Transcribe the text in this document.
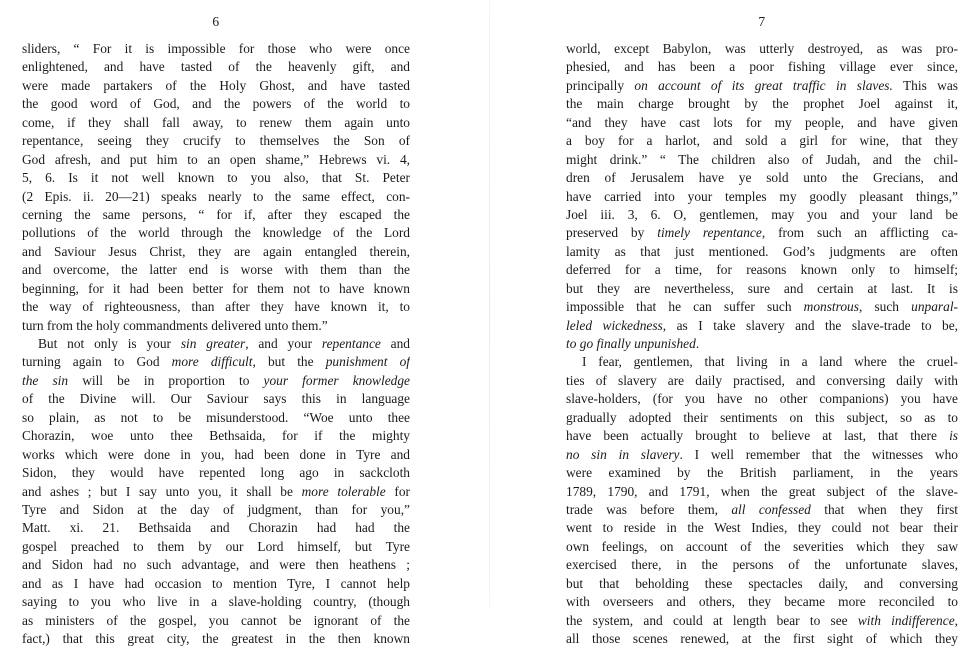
6
sliders, “ For it is impossible for those who were once
enlightened, and have tasted of the heavenly gift, and
were made partakers of the Holy Ghost, and have tasted
the good word of God, and the powers of the world to
come, if they shall fall away, to renew them again unto
repentance, seeing they crucify to themselves the Son of
God afresh, and put him to an open shame,” Hebrews vi. 4,
5, 6. Is it not well known to you also, that St. Peter
(2 Epis. ii. 20—21) speaks nearly to the same effect, con-
cerning the same persons, “ for if, after they escaped the
pollutions of the world through the knowledge of the Lord
and Saviour Jesus Christ, they are again entangled therein,
and overcome, the latter end is worse with them than the
beginning, for it had been better for them not to have known
the way of righteousness, than after they have known it, to
turn from the holy commandments delivered unto them.”
But not only is your sin greater, and your repentance and
turning again to God more difficult, but the punishment of
the sin will be in proportion to your former knowledge
of the Divine will. Our Saviour says this in language
so plain, as not to be misunderstood. “Woe unto thee
Chorazin, woe unto thee Bethsaida, for if the mighty
works which were done in you, had been done in Tyre and
Sidon, they would have repented long ago in sackcloth
and ashes ; but I say unto you, it shall be more tolerable for
Tyre and Sidon at the day of judgment, than for you,”
Matt. xi. 21. Bethsaida and Chorazin had had the
gospel preached to them by our Lord himself, but Tyre
and Sidon had no such advantage, and were then heathens ;
and as I have had occasion to mention Tyre, I cannot help
saying to you who live in a slave-holding country, (though
as ministers of the gospel, you cannot be ignorant of the
fact,) that this great city, the greatest in the then known
7
world, except Babylon, was utterly destroyed, as was pro-
phesied, and has been a poor fishing village ever since,
principally on account of its great traffic in slaves. This was
the main charge brought by the prophet Joel against it,
“and they have cast lots for my people, and have given
a boy for a harlot, and sold a girl for wine, that they
might drink.” “ The children also of Judah, and the chil-
dren of Jerusalem have ye sold unto the Grecians, and
have carried into your temples my goodly pleasant things,”
Joel iii. 3, 6. O, gentlemen, may you and your land be
preserved by timely repentance, from such an afflicting ca-
lamity as that just mentioned. God’s judgments are often
deferred for a time, for reasons known only to himself;
but they are nevertheless, sure and certain at last. It is
impossible that he can suffer such monstrous, such unparal-
leled wickedness, as I take slavery and the slave-trade to be,
to go finally unpunished.
I fear, gentlemen, that living in a land where the cruel-
ties of slavery are daily practised, and conversing daily with
slave-holders, (for you have no other companions) you have
gradually adopted their sentiments on this subject, so as to
have been actually brought to believe at last, that there is
no sin in slavery. I well remember that the witnesses who
were examined by the British parliament, in the years
1789, 1790, and 1791, when the great subject of the slave-
trade was before them, all confessed that when they first
went to reside in the West Indies, they could not bear their
own feelings, on account of the severities which they saw
exercised there, in the persons of the unfortunate slaves,
but that beholding these spectacles daily, and conversing
with overseers and others, they became more reconciled to
the system, and could at length bear to see with indifference,
all those scenes renewed, at the first sight of which they
